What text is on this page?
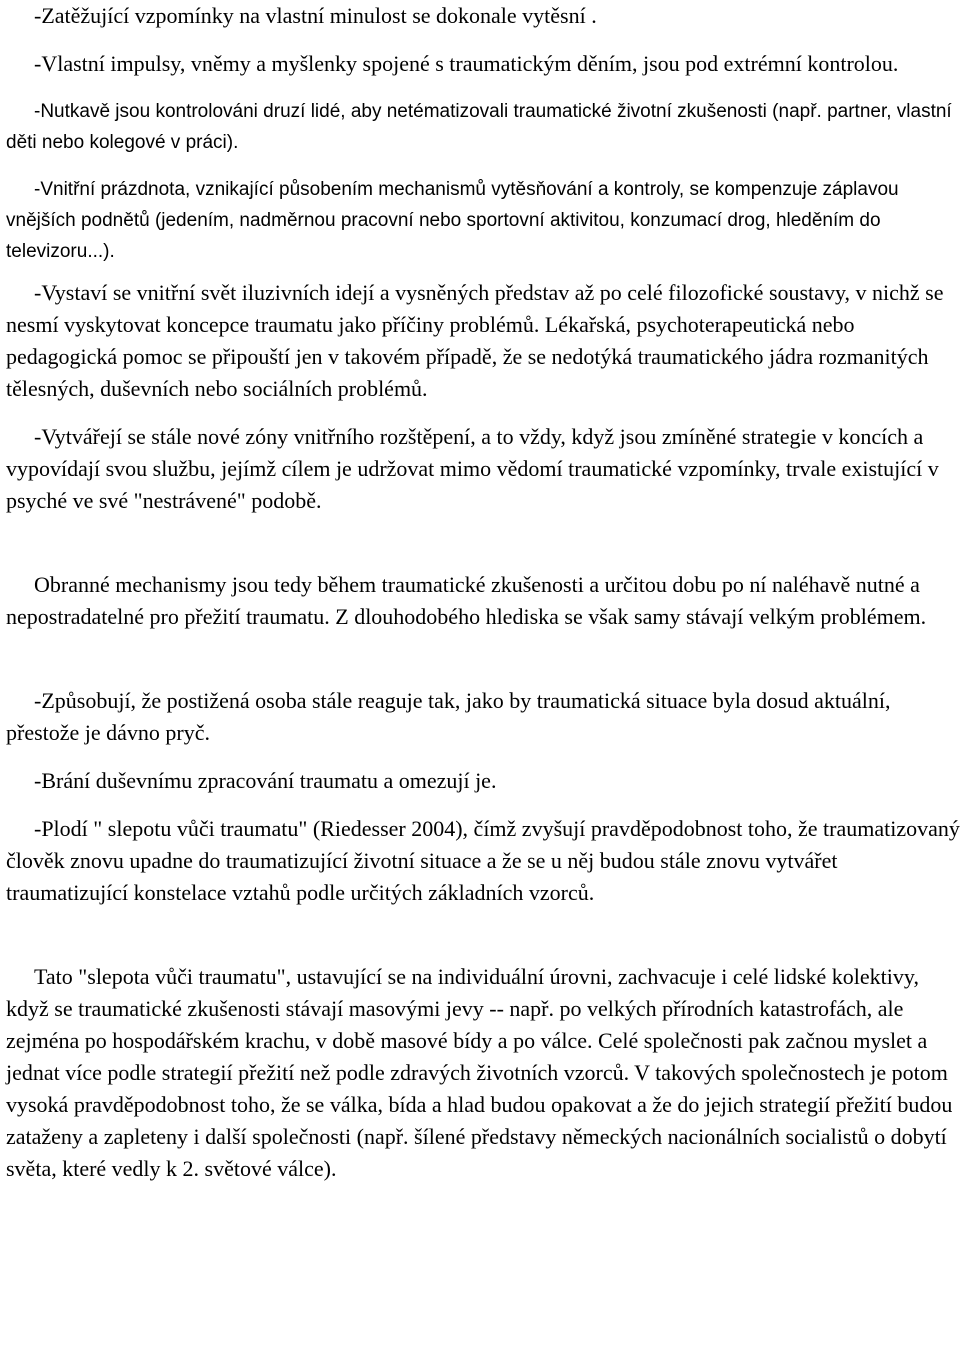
-Zatěžující vzpomínky na vlastní minulost se dokonale vytěsní .

-Vlastní impulsy, vněmy a myšlenky spojené s traumatickým děním, jsou pod extrémní kontrolou.

-Nutkavě jsou kontrolováni druzí lidé, aby netématizovali traumatické životní zkušenosti (např. partner, vlastní děti nebo kolegové v práci).

-Vnitřní prázdnota, vznikající působením mechanismů vytěsňování a kontroly, se kompenzuje záplavou vnějších podnětů (jedením, nadměrnou pracovní nebo sportovní aktivitou, konzumací drog, hleděním do televizoru...).

-Vystaví se vnitřní svět iluzivních idejí a vysněných představ až po celé filozofické soustavy, v nichž se nesmí vyskytovat koncepce traumatu jako příčiny problémů. Lékařská, psychoterapeutická nebo pedagogická pomoc se připouští jen v takovém případě, že se nedotýká traumatického jádra rozmanitých tělesných, duševních nebo sociálních problémů.

-Vytvářejí se stále nové zóny vnitřního rozštěpení, a to vždy, když jsou zmíněné strategie v koncích a vypovídají svou službu, jejímž cílem je udržovat mimo vědomí traumatické vzpomínky, trvale existující v psyché ve své "nestrávené" podobě.

Obranné mechanismy jsou tedy během traumatické zkušenosti a určitou dobu po ní naléhavě nutné a nepostradatelné pro přežití traumatu. Z dlouhodobého hlediska se však samy stávají velkým problémem.

-Způsobují, že postižená osoba stále reaguje tak, jako by traumatická situace byla dosud aktuální, přestože je dávno pryč.

-Brání duševnímu zpracování traumatu a omezují je.

-Plodí " slepotu vůči traumatu" (Riedesser 2004), čímž zvyšují pravděpodobnost toho, že traumatizovaný člověk znovu upadne do traumatizující životní situace a že se u něj budou stále znovu vytvářet traumatizující konstelace vztahů podle určitých základních vzorců.

Tato "slepota vůči traumatu", ustavující se na individuální úrovni, zachvacuje i celé lidské kolektivy, když se traumatické zkušenosti stávají masovými jevy -- např. po velkých přírodních katastrofách, ale zejména po hospodářském krachu, v době masové bídy a po válce. Celé společnosti pak začnou myslet a jednat více podle strategií přežití než podle zdravých životních vzorců. V takových společnostech je potom vysoká pravděpodobnost toho, že se válka, bída a hlad budou opakovat a že do jejich strategií přežití budou zataženy a zapleteny i další společnosti (např. šílené představy německých nacionálních socialistů o dobytí světa, které vedly k 2. světové válce).
